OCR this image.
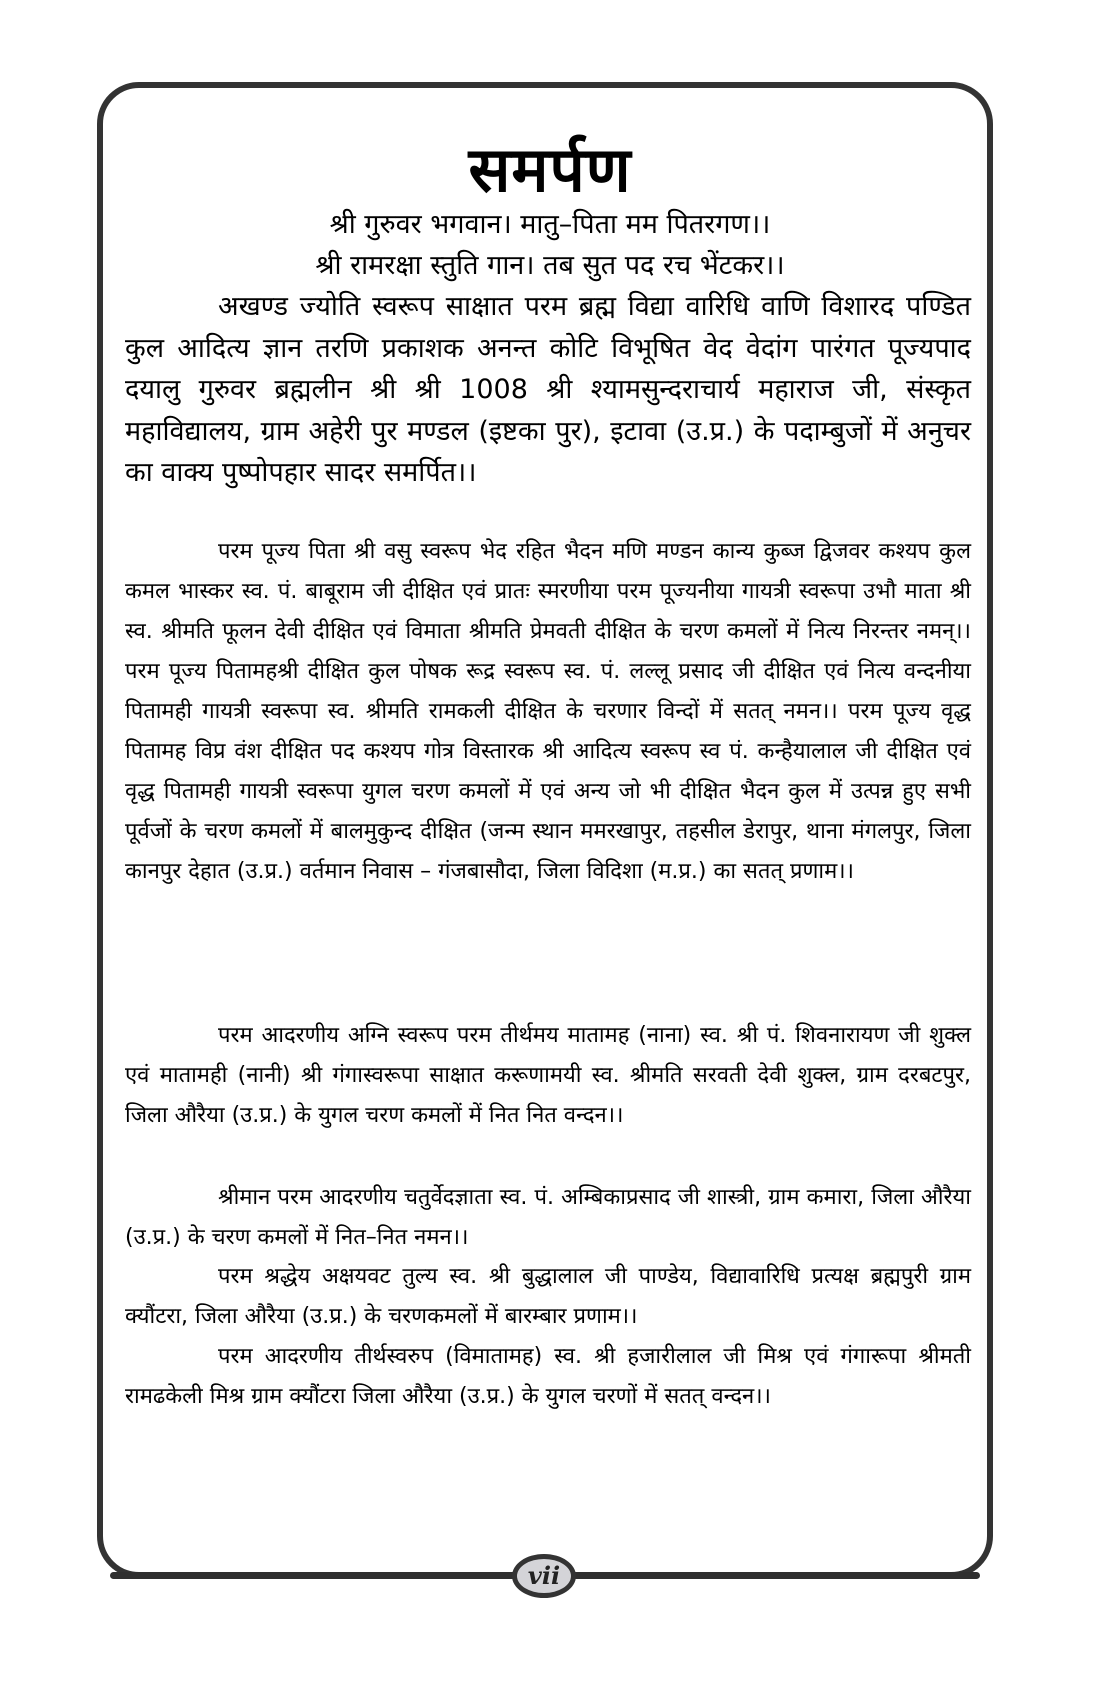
समर्पण
श्री गुरुवर भगवान। मातु–पिता मम पितरगण।।
श्री रामरक्षा स्तुति गान। तब सुत पद रच भेंटकर।।

अखण्ड ज्योति स्वरूप साक्षात परम ब्रह्म विद्या वारिधि वाणि विशारद पण्डित कुल आदित्य ज्ञान तरणि प्रकाशक अनन्त कोटि विभूषित वेद वेदांग पारंगत पूज्यपाद दयालु गुरुवर ब्रह्मलीन श्री श्री 1008 श्री श्यामसुन्दराचार्य महाराज जी, संस्कृत महाविद्यालय, ग्राम अहेरी पुर मण्डल (इष्टका पुर), इटावा (उ.प्र.) के पदाम्बुजों में अनुचर का वाक्य पुष्पोपहार सादर समर्पित।।

परम पूज्य पिता श्री वसु स्वरूप भेद रहित भैदन मणि मण्डन कान्य कुब्ज द्विजवर कश्यप कुल कमल भास्कर स्व. पं. बाबूराम जी दीक्षित एवं प्रातः स्मरणीया परम पूज्यनीया गायत्री स्वरूपा उभौ माता श्री स्व. श्रीमति फूलन देवी दीक्षित एवं विमाता श्रीमति प्रेमवती दीक्षित के चरण कमलों में नित्य निरन्तर नमन्।। परम पूज्य पितामहश्री दीक्षित कुल पोषक रूद्र स्वरूप स्व. पं. लल्लू प्रसाद जी दीक्षित एवं नित्य वन्दनीया पितामही गायत्री स्वरूपा स्व. श्रीमति रामकली दीक्षित के चरणार विन्दों में सतत् नमन।। परम पूज्य वृद्ध पितामह विप्र वंश दीक्षित पद कश्यप गोत्र विस्तारक श्री आदित्य स्वरूप स्व पं. कन्हैयालाल जी दीक्षित एवं वृद्ध पितामही गायत्री स्वरूपा युगल चरण कमलों में एवं अन्य जो भी दीक्षित भैदन कुल में उत्पन्न हुए सभी पूर्वजों के चरण कमलों में बालमुकुन्द दीक्षित (जन्म स्थान ममरखापुर, तहसील डेरापुर, थाना मंगलपुर, जिला कानपुर देहात (उ.प्र.) वर्तमान निवास – गंजबासौदा, जिला विदिशा (म.प्र.) का सतत् प्रणाम।।

परम आदरणीय अग्नि स्वरूप परम तीर्थमय मातामह (नाना) स्व. श्री पं. शिवनारायण जी शुक्ल एवं मातामही (नानी) श्री गंगास्वरूपा साक्षात करूणामयी स्व. श्रीमति सरवती देवी शुक्ल, ग्राम दरबटपुर, जिला औरैया (उ.प्र.) के युगल चरण कमलों में नित नित वन्दन।।

श्रीमान परम आदरणीय चतुर्वेदज्ञाता स्व. पं. अम्बिकाप्रसाद जी शास्त्री, ग्राम कमारा, जिला औरैया (उ.प्र.) के चरण कमलों में नित–नित नमन।।

परम श्रद्धेय अक्षयवट तुल्य स्व. श्री बुद्धालाल जी पाण्डेय, विद्यावारिधि प्रत्यक्ष ब्रह्मपुरी ग्राम क्यौंटरा, जिला औरैया (उ.प्र.) के चरणकमलों में बारम्बार प्रणाम।।

परम आदरणीय तीर्थस्वरुप (विमातामह) स्व. श्री हजारीलाल जी मिश्र एवं गंगारूपा श्रीमती रामढकेली मिश्र ग्राम क्यौंटरा जिला औरैया (उ.प्र.) के युगल चरणों में सतत् वन्दन।।

vii
